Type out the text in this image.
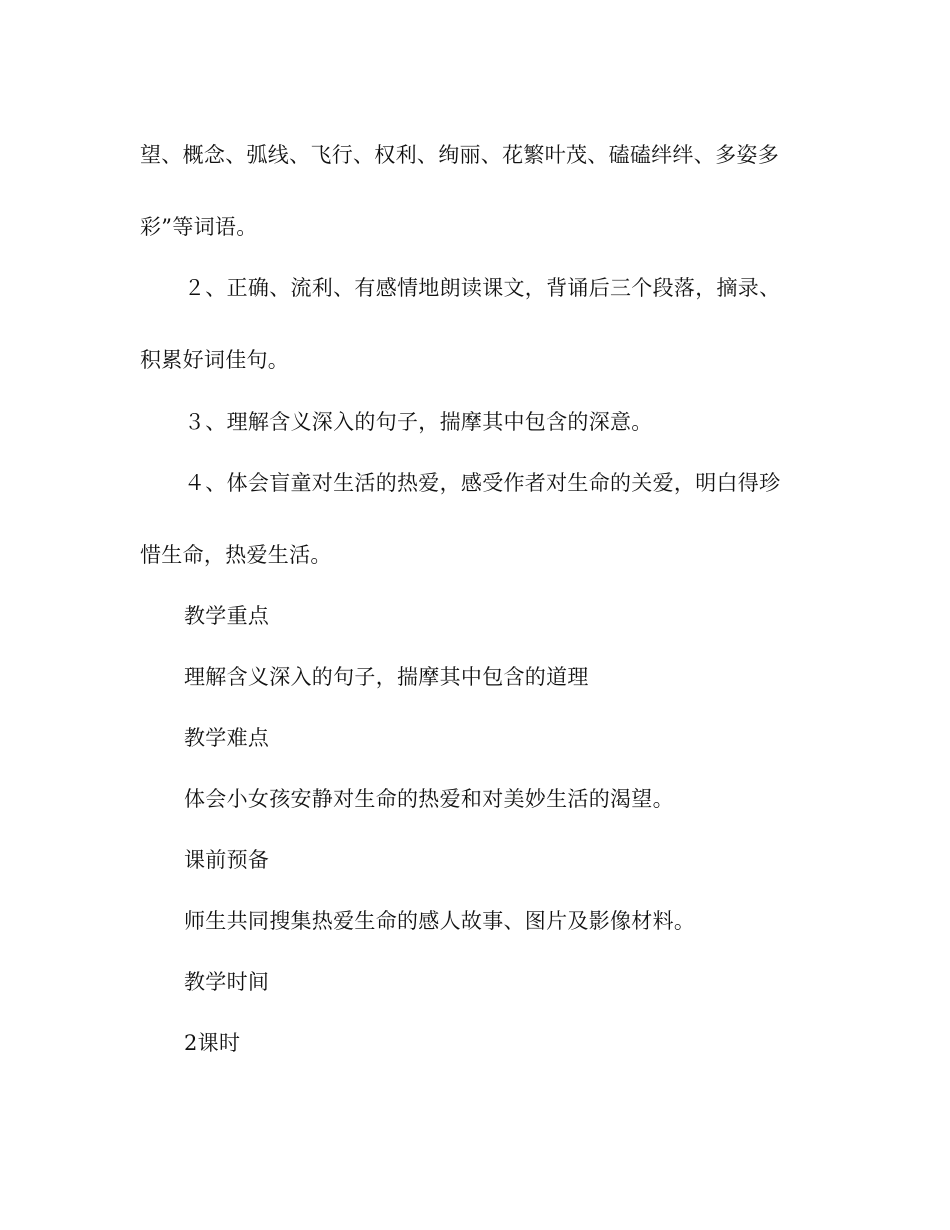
望、概念、弧线、飞行、权利、绚丽、花繁叶茂、磕磕绊绊、多姿多
彩”等词语。
２、正确、流利、有感情地朗读课文，背诵后三个段落，摘录、
积累好词佳句。
３、理解含义深入的句子，揣摩其中包含的深意。
４、体会盲童对生活的热爱，感受作者对生命的关爱，明白得珍
惜生命，热爱生活。
教学重点
理解含义深入的句子，揣摩其中包含的道理
教学难点
体会小女孩安静对生命的热爱和对美妙生活的渴望。
课前预备
师生共同搜集热爱生命的感人故事、图片及影像材料。
教学时间
2课时
